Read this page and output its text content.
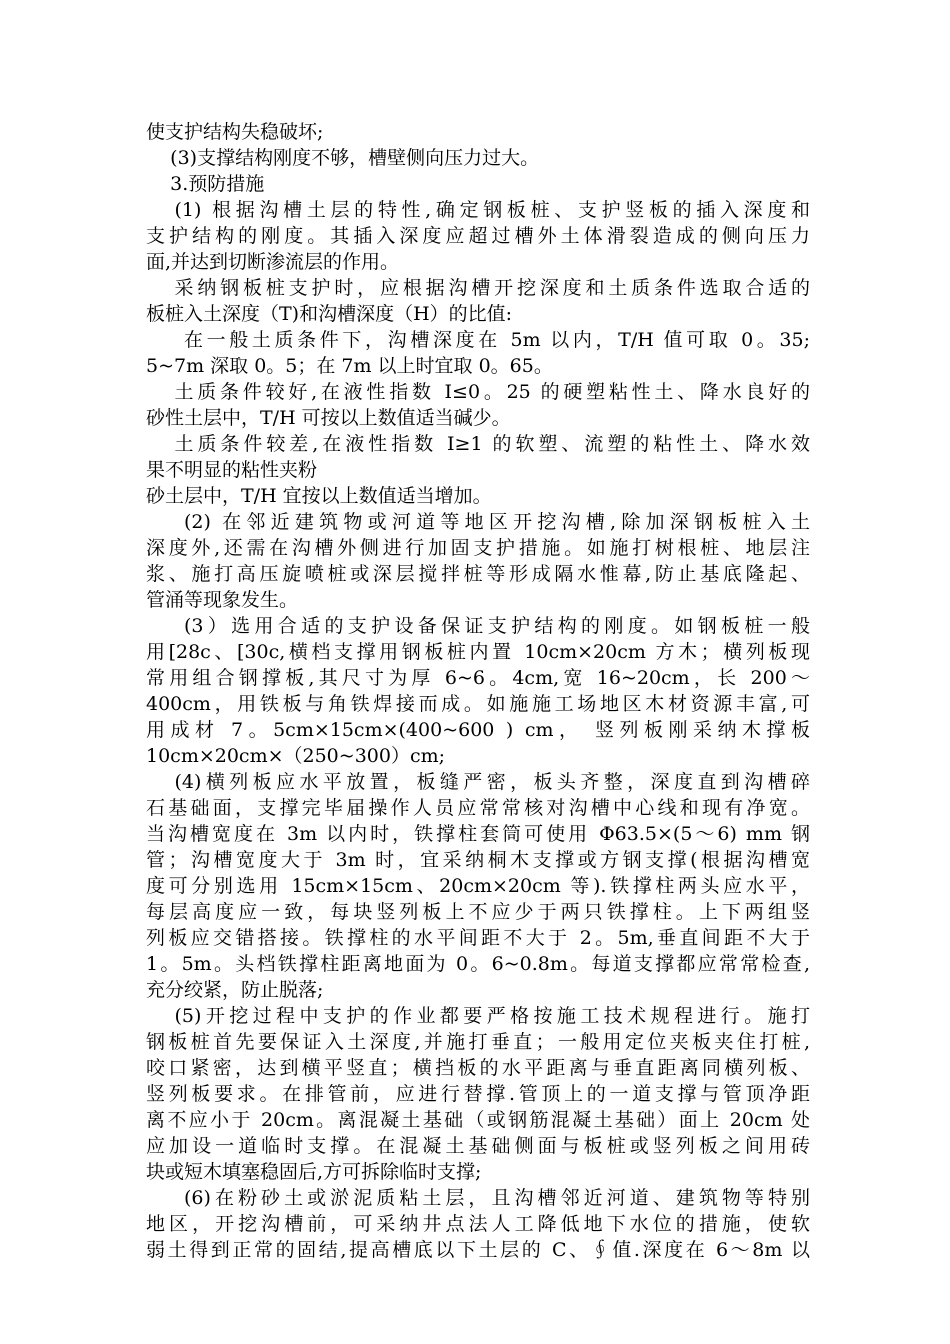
使支护结构失稳破坏;
(3)支撑结构刚度不够，槽壁侧向压力过大。
3.预防措施
(1) 根据沟槽土层的特性,确定钢板桩、支护竖板的插入深度和
支护结构的刚度。其插入深度应超过槽外土体滑裂造成的侧向压力
面,并达到切断渗流层的作用。
采纳钢板桩支护时，应根据沟槽开挖深度和土质条件选取合适的
板桩入土深度（T)和沟槽深度（H）的比值:
在一般土质条件下，沟槽深度在 5m 以内，T/H 值可取 0。35;
5~7m 深取 0。5；在 7m 以上时宜取 0。65。
土质条件较好,在液性指数 I≤0。25 的硬塑粘性土、降水良好的
砂性土层中，T/H 可按以上数值适当碱少。
土质条件较差,在液性指数 I≥1 的软塑、流塑的粘性土、降水效
果不明显的粘性夹粉
砂土层中，T/H 宜按以上数值适当增加。
(2) 在邻近建筑物或河道等地区开挖沟槽,除加深钢板桩入土
深度外,还需在沟槽外侧进行加固支护措施。如施打树根桩、地层注
浆、施打高压旋喷桩或深层搅拌桩等形成隔水惟幕,防止基底隆起、
管涌等现象发生。
(3）选用合适的支护设备保证支护结构的刚度。如钢板桩一般
用[28c、[30c,横档支撑用钢板桩内置 10cm×20cm 方木；横列板现
常用组合钢撑板,其尺寸为厚 6~6。4cm,宽 16~20cm，长 200～
400cm，用铁板与角铁焊接而成。如施施工场地区木材资源丰富,可
用成材 7。5cm×15cm×(400~600 ) cm， 竖列板刚采纳木撑板
10cm×20cm×（250~300）cm;
(4)横列板应水平放置，板缝严密，板头齐整，深度直到沟槽碎
石基础面，支撑完毕届操作人员应常常核对沟槽中心线和现有净宽。
当沟槽宽度在 3m 以内时，铁撑柱套筒可使用 Φ63.5×(5～6) mm 钢
管；沟槽宽度大于 3m 时，宜采纳桐木支撑或方钢支撑(根据沟槽宽
度可分别选用 15cm×15cm、20cm×20cm 等).铁撑柱两头应水平，
每层高度应一致，每块竖列板上不应少于两只铁撑柱。上下两组竖
列板应交错搭接。铁撑柱的水平间距不大于 2。5m,垂直间距不大于
1。5m。头档铁撑柱距离地面为 0。6~0.8m。每道支撑都应常常检查,
充分绞紧，防止脱落;
(5)开挖过程中支护的作业都要严格按施工技术规程进行。施打
钢板桩首先要保证入土深度,并施打垂直；一般用定位夹板夹住打桩,
咬口紧密，达到横平竖直；横挡板的水平距离与垂直距离同横列板、
竖列板要求。在排管前，应进行替撑.管顶上的一道支撑与管顶净距
离不应小于 20cm。离混凝土基础（或钢筋混凝土基础）面上 20cm 处
应加设一道临时支撑。在混凝土基础侧面与板桩或竖列板之间用砖
块或短木填塞稳固后,方可拆除临时支撑;
(6)在粉砂土或淤泥质粘土层，且沟槽邻近河道、建筑物等特别
地区，开挖沟槽前，可采纳井点法人工降低地下水位的措施，使软
弱土得到正常的固结,提高槽底以下土层的 C、∮值.深度在 6～8m 以
